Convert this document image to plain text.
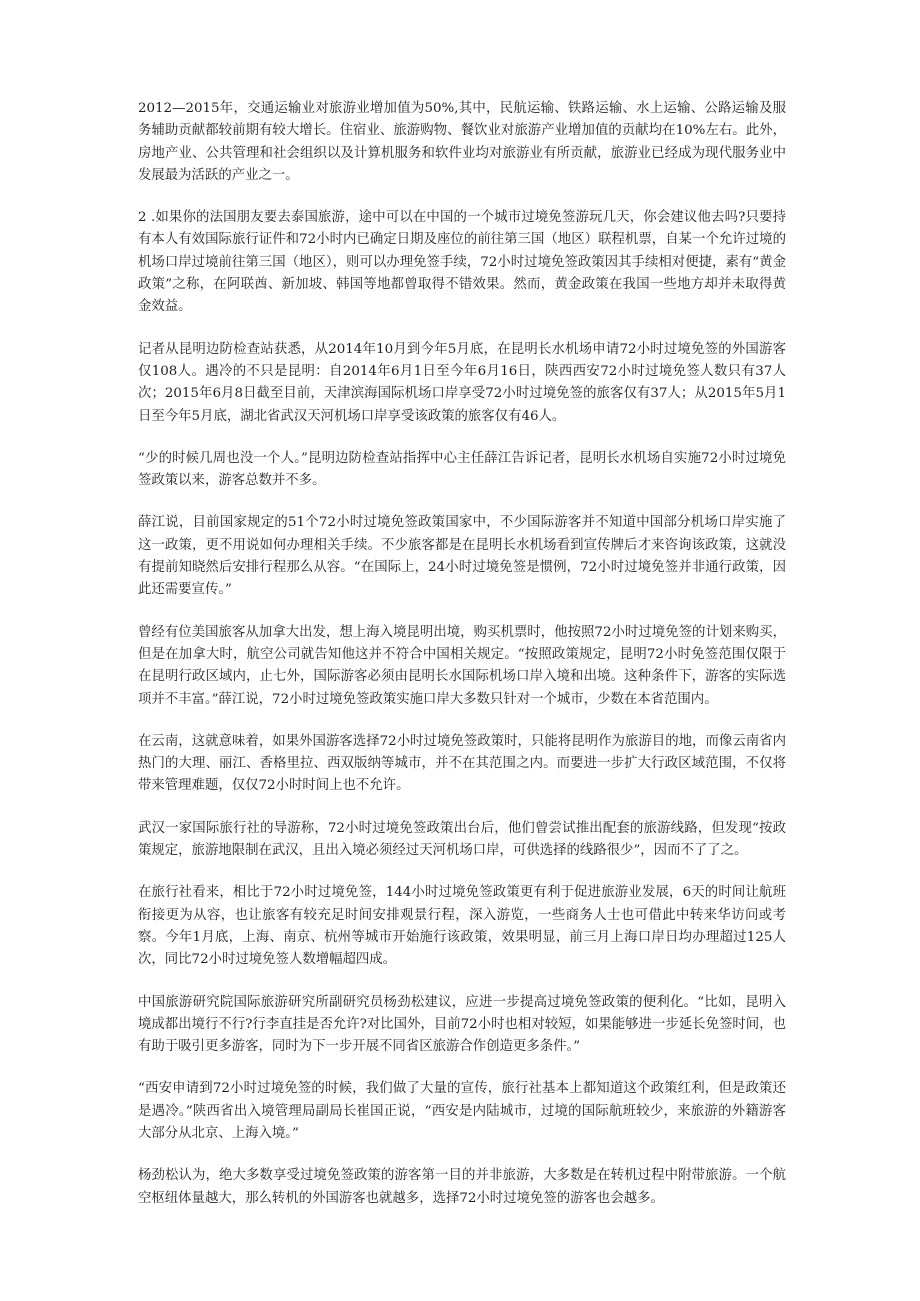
2012—2015年，交通运输业对旅游业增加值为50%,其中，民航运输、铁路运输、水上运输、公路运输及服务辅助贡献都较前期有较大增长。住宿业、旅游购物、餐饮业对旅游产业增加值的贡献均在10%左右。此外，房地产业、公共管理和社会组织以及计算机服务和软件业均对旅游业有所贡献，旅游业已经成为现代服务业中发展最为活跃的产业之一。

2 .如果你的法国朋友要去泰国旅游，途中可以在中国的一个城市过境免签游玩几天，你会建议他去吗?只要持有本人有效国际旅行证件和72小时内已确定日期及座位的前往第三国（地区）联程机票，自某一个允许过境的机场口岸过境前往第三国（地区），则可以办理免签手续，72小时过境免签政策因其手续相对便捷，素有“黄金政策”之称，在阿联酋、新加坡、韩国等地都曾取得不错效果。然而，黄金政策在我国一些地方却并未取得黄金效益。

记者从昆明边防检查站获悉，从2014年10月到今年5月底，在昆明长水机场申请72小时过境免签的外国游客仅108人。遇冷的不只是昆明：自2014年6月1日至今年6月16日，陕西西安72小时过境免签人数只有37人次；2015年6月8日截至目前，天津滨海国际机场口岸享受72小时过境免签的旅客仅有37人；从2015年5月1日至今年5月底，湖北省武汉天河机场口岸享受该政策的旅客仅有46人。

“少的时候几周也没一个人。”昆明边防检查站指挥中心主任薛江告诉记者，昆明长水机场自实施72小时过境免签政策以来，游客总数并不多。

薛江说，目前国家规定的51个72小时过境免签政策国家中，不少国际游客并不知道中国部分机场口岸实施了这一政策，更不用说如何办理相关手续。不少旅客都是在昆明长水机场看到宣传牌后才来咨询该政策，这就没有提前知晓然后安排行程那么从容。“在国际上，24小时过境免签是惯例，72小时过境免签并非通行政策，因此还需要宣传。”

曾经有位美国旅客从加拿大出发，想上海入境昆明出境，购买机票时，他按照72小时过境免签的计划来购买，但是在加拿大时，航空公司就告知他这并不符合中国相关规定。“按照政策规定，昆明72小时免签范围仅限于在昆明行政区域内，止七外，国际游客必须由昆明长水国际机场口岸入境和出境。这种条件下，游客的实际选项并不丰富。”薛江说，72小时过境免签政策实施口岸大多数只针对一个城市，少数在本省范围内。

在云南，这就意味着，如果外国游客选择72小时过境免签政策时，只能将昆明作为旅游目的地，而像云南省内热门的大理、丽江、香格里拉、西双版纳等城市，并不在其范围之内。而要进一步扩大行政区域范围，不仅将带来管理难题，仅仅72小时时间上也不允许。

武汉一家国际旅行社的导游称，72小时过境免签政策出台后，他们曾尝试推出配套的旅游线路，但发现“按政策规定，旅游地限制在武汉，且出入境必须经过天河机场口岸，可供选择的线路很少”，因而不了了之。

在旅行社看来，相比于72小时过境免签，144小时过境免签政策更有利于促进旅游业发展，6天的时间让航班衔接更为从容，也让旅客有较充足时间安排观景行程，深入游览，一些商务人士也可借此中转来华访问或考察。今年1月底，上海、南京、杭州等城市开始施行该政策，效果明显，前三月上海口岸日均办理超过125人次，同比72小时过境免签人数增幅超四成。

中国旅游研究院国际旅游研究所副研究员杨劲松建议，应进一步提高过境免签政策的便利化。“比如，昆明入境成都出境行不行?行李直挂是否允许?对比国外，目前72小时也相对较短，如果能够进一步延长免签时间，也有助于吸引更多游客，同时为下一步开展不同省区旅游合作创造更多条件。”

“西安申请到72小时过境免签的时候，我们做了大量的宣传，旅行社基本上都知道这个政策红利，但是政策还是遇冷。”陕西省出入境管理局副局长崔国正说，“西安是内陆城市，过境的国际航班较少，来旅游的外籍游客大部分从北京、上海入境。”

杨劲松认为，绝大多数享受过境免签政策的游客第一目的并非旅游，大多数是在转机过程中附带旅游。一个航空枢纽体量越大，那么转机的外国游客也就越多，选择72小时过境免签的游客也会越多。
